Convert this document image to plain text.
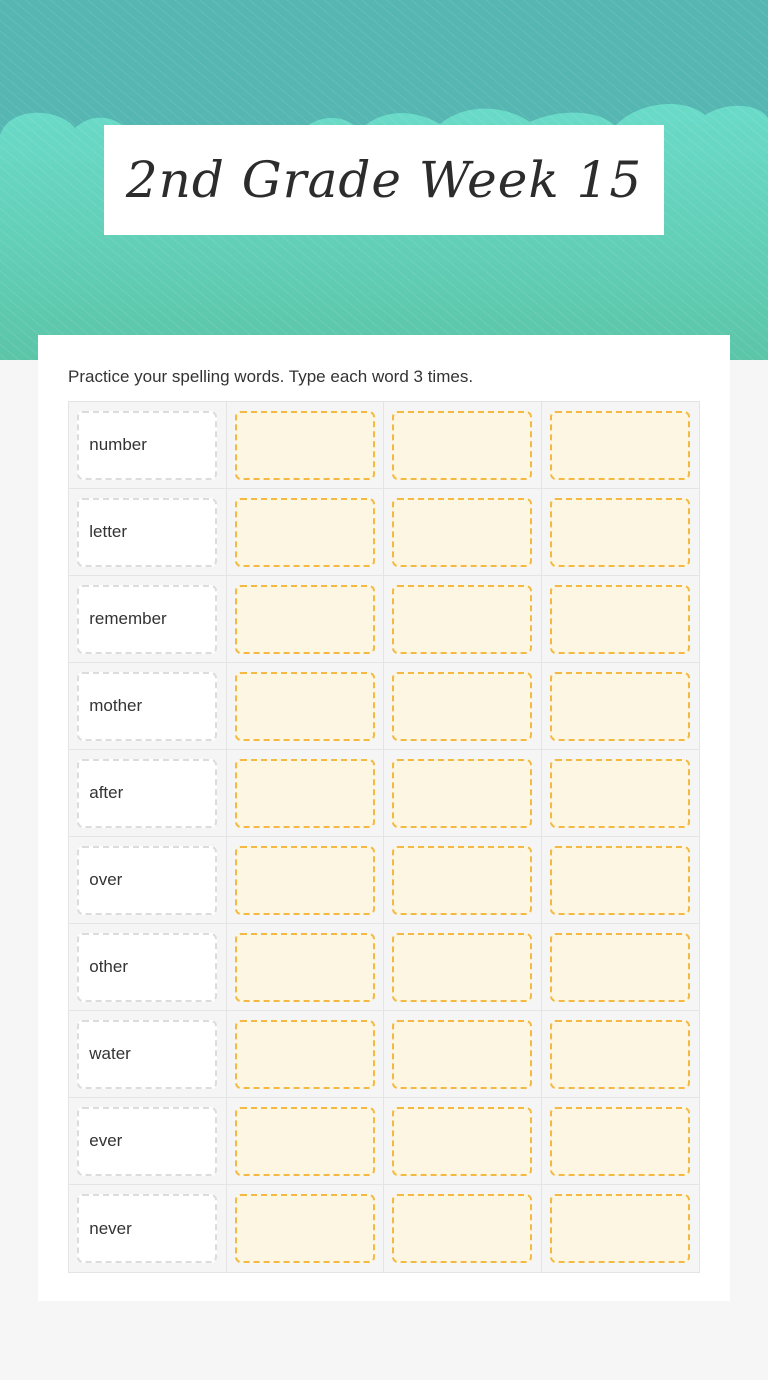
2nd Grade Week 15
Practice your spelling words. Type each word 3 times.
number
letter
remember
mother
after
over
other
water
ever
never
